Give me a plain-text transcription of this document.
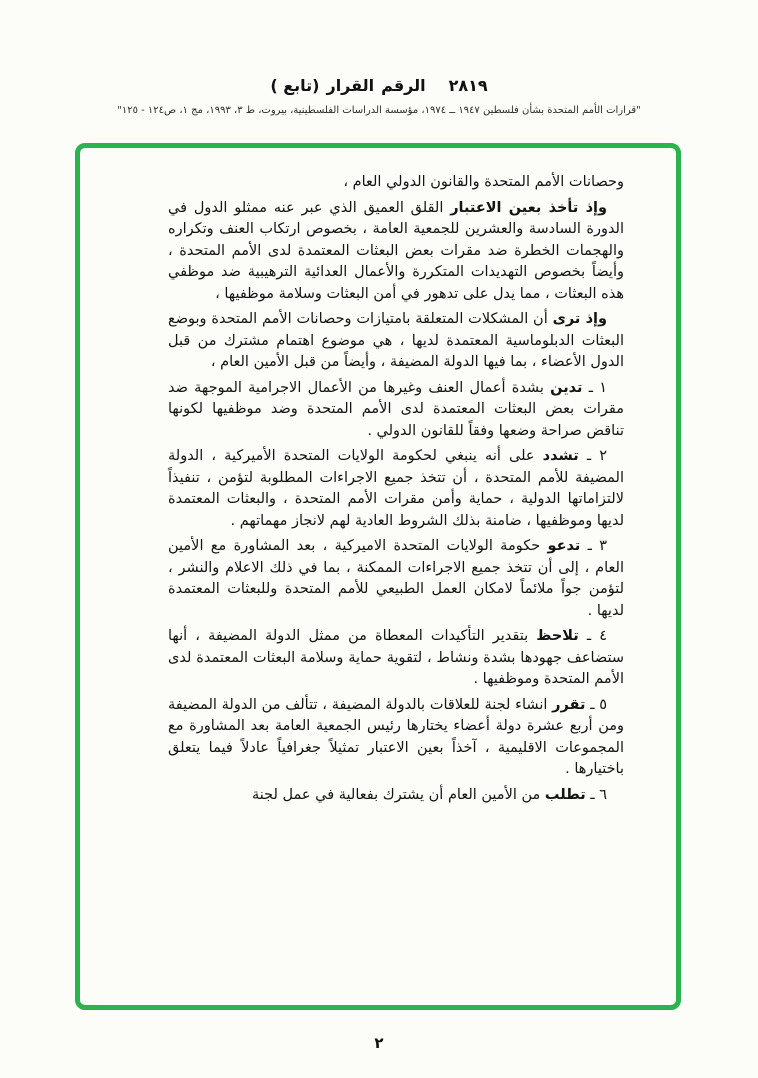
( تابع) القرار الرقم ٢٨١٩
"قرارات الأمم المتحدة بشأن فلسطين ١٩٤٧ ــ ١٩٧٤، مؤسسة الدراسات الفلسطينية، بيروت، ط ٣، ١٩٩٣، مج ١، ص١٢٤ - ١٢٥"

وحصانات الأمم المتحدة والقانون الدولي العام ،

وإذ تأخذ بعين الاعتبار القلق العميق الذي عبر عنه ممثلو الدول في الدورة السادسة والعشرين للجمعية العامة ، بخصوص ارتكاب العنف وتكراره والهجمات الخطرة ضد مقرات بعض البعثات المعتمدة لدى الأمم المتحدة ، وأيضاً بخصوص التهديدات المتكررة والأعمال العدائية الترهيبية ضد موظفي هذه البعثات ، مما يدل على تدهور في أمن البعثات وسلامة موظفيها ،

وإذ ترى أن المشكلات المتعلقة بامتيازات وحصانات الأمم المتحدة وبوضع البعثات الدبلوماسية المعتمدة لديها ، هي موضوع اهتمام مشترك من قبل الدول الأعضاء ، بما فيها الدولة المضيفة ، وأيضاً من قبل الأمين العام ،

١ ـ تدين بشدة أعمال العنف وغيرها من الأعمال الاجرامية الموجهة ضد مقرات بعض البعثات المعتمدة لدى الأمم المتحدة وضد موظفيها لكونها تناقض صراحة وضعها وفقاً للقانون الدولي .

٢ ـ تشدد على أنه ينبغي لحكومة الولايات المتحدة الأميركية ، الدولة المضيفة للأمم المتحدة ، أن تتخذ جميع الاجراءات المطلوبة لتؤمن ، تنفيذاً لالتزاماتها الدولية ، حماية وأمن مقرات الأمم المتحدة ، والبعثات المعتمدة لديها وموظفيها ، ضامنة بذلك الشروط العادية لهم لانجاز مهماتهم .

٣ ـ تدعو حكومة الولايات المتحدة الاميركية ، بعد المشاورة مع الأمين العام ، إلى أن تتخذ جميع الاجراءات الممكنة ، بما في ذلك الاعلام والنشر ، لتؤمن جواً ملائماً لامكان العمل الطبيعي للأمم المتحدة وللبعثات المعتمدة لديها .

٤ ـ تلاحظ بتقدير التأكيدات المعطاة من ممثل الدولة المضيفة ، أنها ستضاعف جهودها بشدة ونشاط ، لتقوية حماية وسلامة البعثات المعتمدة لدى الأمم المتحدة وموظفيها .

٥ ـ تقرر انشاء لجنة للعلاقات بالدولة المضيفة ، تتألف من الدولة المضيفة ومن أربع عشرة دولة أعضاء يختارها رئيس الجمعية العامة بعد المشاورة مع المجموعات الاقليمية ، آخذاً بعين الاعتبار تمثيلاً جغرافياً عادلاً فيما يتعلق باختيارها .

٦ ـ تطلب من الأمين العام أن يشترك بفعالية في عمل لجنة

٢
